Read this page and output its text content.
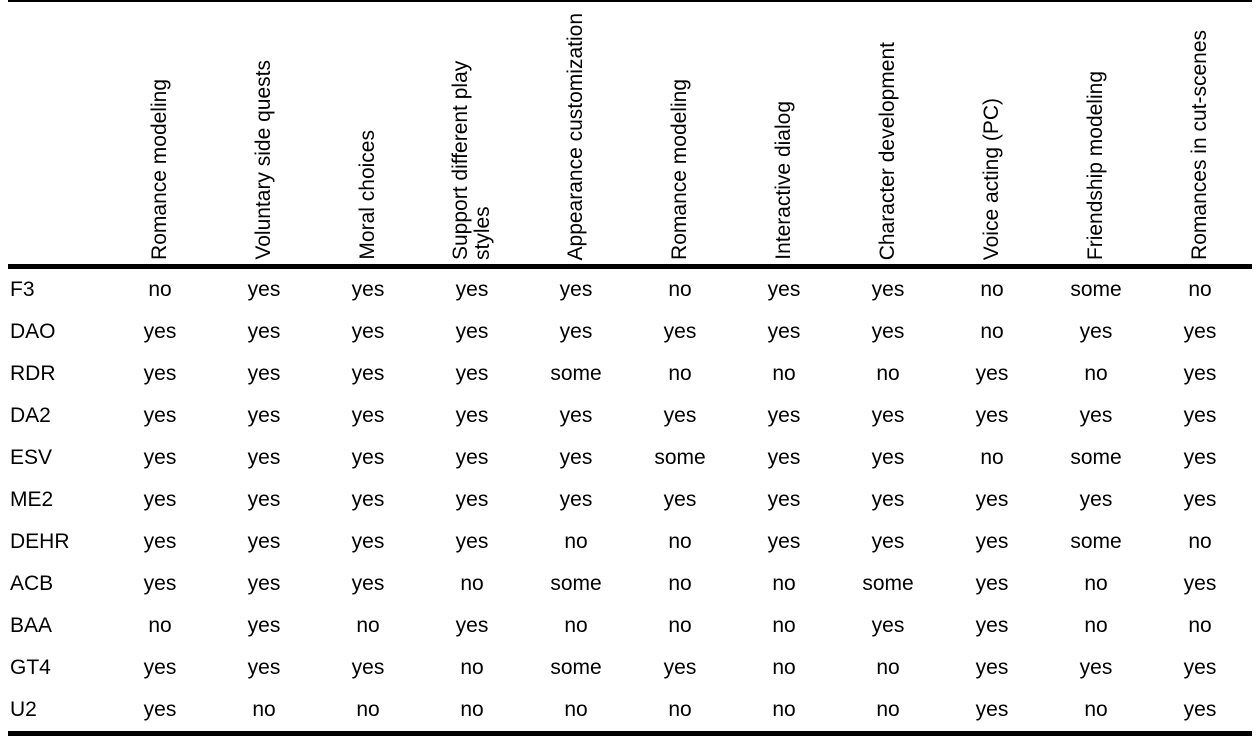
	Romance modeling	Voluntary side quests	Moral choices	Support different play styles	Appearance customization	Romance modeling	Interactive dialog	Character development	Voice acting (PC)	Friendship modeling	Romances in cut-scenes

F3	no	yes	yes	yes	yes	no	yes	yes	no	some	no
DAO	yes	yes	yes	yes	yes	yes	yes	yes	no	yes	yes
RDR	yes	yes	yes	yes	some	no	no	no	yes	no	yes
DA2	yes	yes	yes	yes	yes	yes	yes	yes	yes	yes	yes
ESV	yes	yes	yes	yes	yes	some	yes	yes	no	some	yes
ME2	yes	yes	yes	yes	yes	yes	yes	yes	yes	yes	yes
DEHR	yes	yes	yes	yes	no	no	yes	yes	yes	some	no
ACB	yes	yes	yes	no	some	no	no	some	yes	no	yes
BAA	no	yes	no	yes	no	no	no	yes	yes	no	no
GT4	yes	yes	yes	no	some	yes	no	no	yes	yes	yes
U2	yes	no	no	no	no	no	no	no	yes	no	yes
